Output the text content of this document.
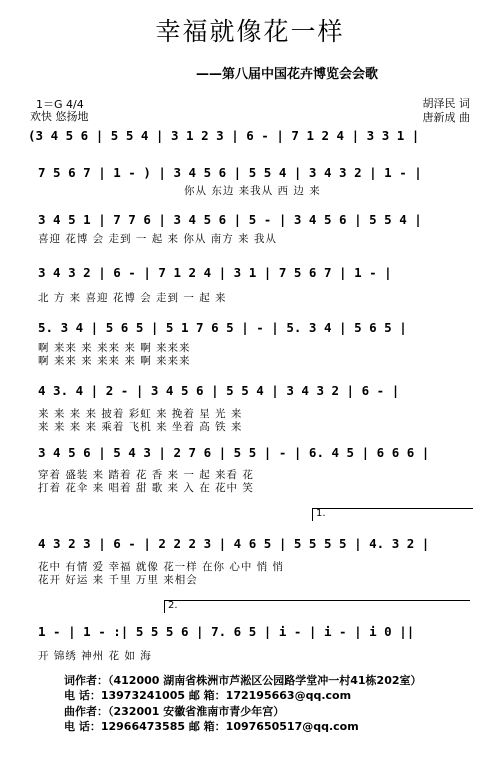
幸福就像花一样
——第八届中国花卉博览会会歌
1＝G 4/4
欢快 悠扬地
胡泽民 词
唐新成 曲
(3 4 5 6 | 5 5 4 | 3 1 2 3 | 6 - | 7 1 2 4 | 3 3 1 |
7 5 6 7 | 1 - ) | 3 4 5 6 | 5 5 4 | 3 4 3 2 | 1 - |
你从 东边 来我从 西 边 来
3 4 5 1 | 7 7 6 | 3 4 5 6 | 5 - | 3 4 5 6 | 5 5 4 |
喜迎 花博 会 走到 一 起 来 你从 南方 来 我从
3 4 3 2 | 6 - | 7 1 2 4 | 3 1 | 7 5 6 7 | 1 - |
北 方 来 喜迎 花博 会 走到 一 起 来
5. 3 4 | 5 6 5 | 5 1 7 6 5 | - | 5. 3 4 | 5 6 5 |
啊 来来 来 来来 来 啊 来来来
啊 来来 来 来来 来 啊 来来来
4 3. 4 | 2 - | 3 4 5 6 | 5 5 4 | 3 4 3 2 | 6 - |
来 来 来 来 披着 彩虹 来 挽着 星 光 来
来 来 来 来 乘着 飞机 来 坐着 高 铁 来
3 4 5 6 | 5 4 3 | 2 7 6 | 5 5 | - | 6. 4 5 | 6 6 6 |
穿着 盛装 来 踏着 花 香 来 一 起 来看 花
打着 花伞 来 唱着 甜 歌 来 入 在 花中 笑
1.
4 3 2 3 | 6 - | 2 2 2 3 | 4 6 5 | 5 5 5 5 | 4. 3 2 |
花中 有情 爱 幸福 就像 花一样 在你 心中 悄 悄
花开 好运 来 千里 万里 来相会
2.
1 - | 1 - :| 5 5 5 6 | 7. 6 5 | i - | i - | i 0 ||
开 锦绣 神州 花 如 海
词作者：（412000 湖南省株洲市芦淞区公园路学堂冲一村41栋202室）
电 话：13973241005 邮 箱：172195663@qq.com
曲作者：（232001 安徽省淮南市青少年宫）
电 话：12966473585 邮 箱：1097650517@qq.com
